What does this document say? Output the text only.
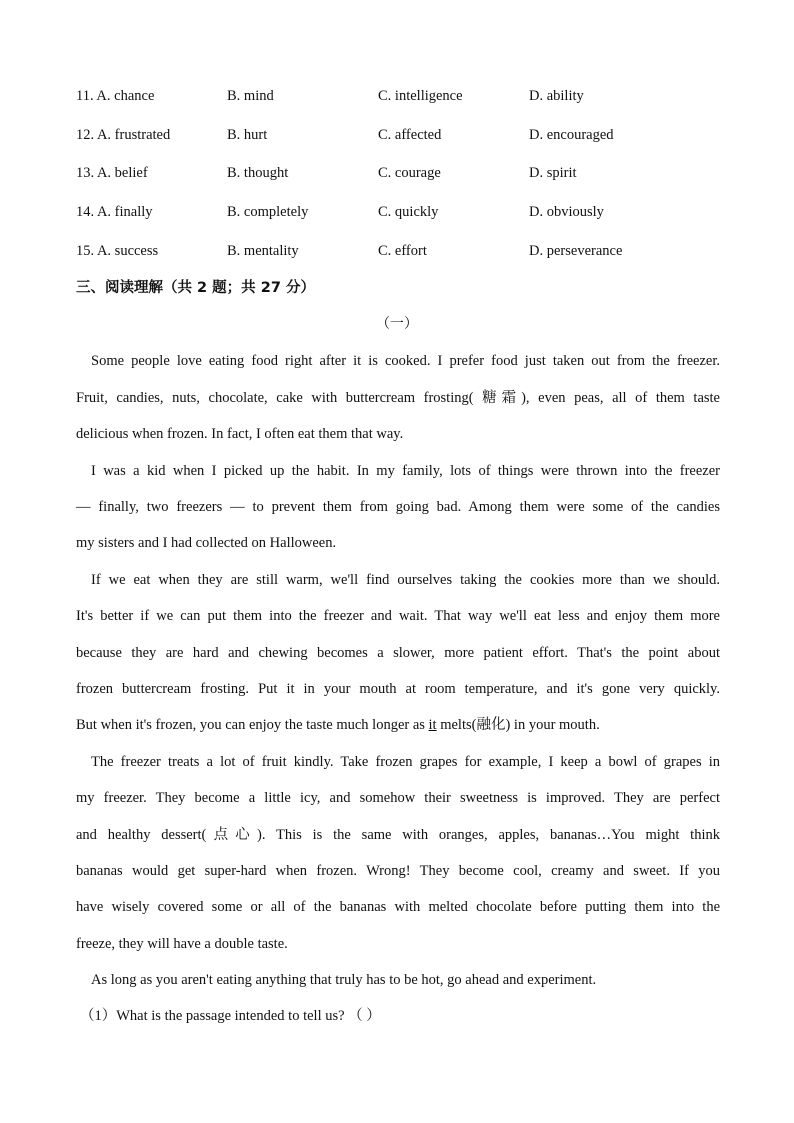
11. A. chance	B. mind	C. intelligence	D. ability
12. A. frustrated	B. hurt	C. affected	D. encouraged
13. A. belief	B. thought	C. courage	D. spirit
14. A. finally	B. completely	C. quickly	D. obviously
15. A. success	B. mentality	C. effort	D. perseverance
三、阅读理解（共 2 题；共 27 分）
（一）
Some people love eating food right after it is cooked. I prefer food just taken out from the freezer.
Fruit, candies, nuts, chocolate, cake with buttercream frosting( 糖霜), even peas, all of them taste
delicious when frozen. In fact, I often eat them that way.
I was a kid when I picked up the habit. In my family, lots of things were thrown into the freezer
— finally, two freezers — to prevent them from going bad. Among them were some of the candies
my sisters and I had collected on Halloween.
If we eat when they are still warm, we'll find ourselves taking the cookies more than we should.
It's better if we can put them into the freezer and wait. That way we'll eat less and enjoy them more
because they are hard and chewing becomes a slower, more patient effort. That's the point about
frozen buttercream frosting. Put it in your mouth at room temperature, and it's gone very quickly.
But when it's frozen, you can enjoy the taste much longer as it melts(融化) in your mouth.
The freezer treats a lot of fruit kindly. Take frozen grapes for example, I keep a bowl of grapes in
my freezer. They become a little icy, and somehow their sweetness is improved. They are perfect
and healthy dessert(点心). This is the same with oranges, apples, bananas…You might think
bananas would get super-hard when frozen. Wrong! They become cool, creamy and sweet. If you
have wisely covered some or all of the bananas with melted chocolate before putting them into the
freeze, they will have a double taste.
As long as you aren't eating anything that truly has to be hot, go ahead and experiment.
（1）What is the passage intended to tell us? （ ）
